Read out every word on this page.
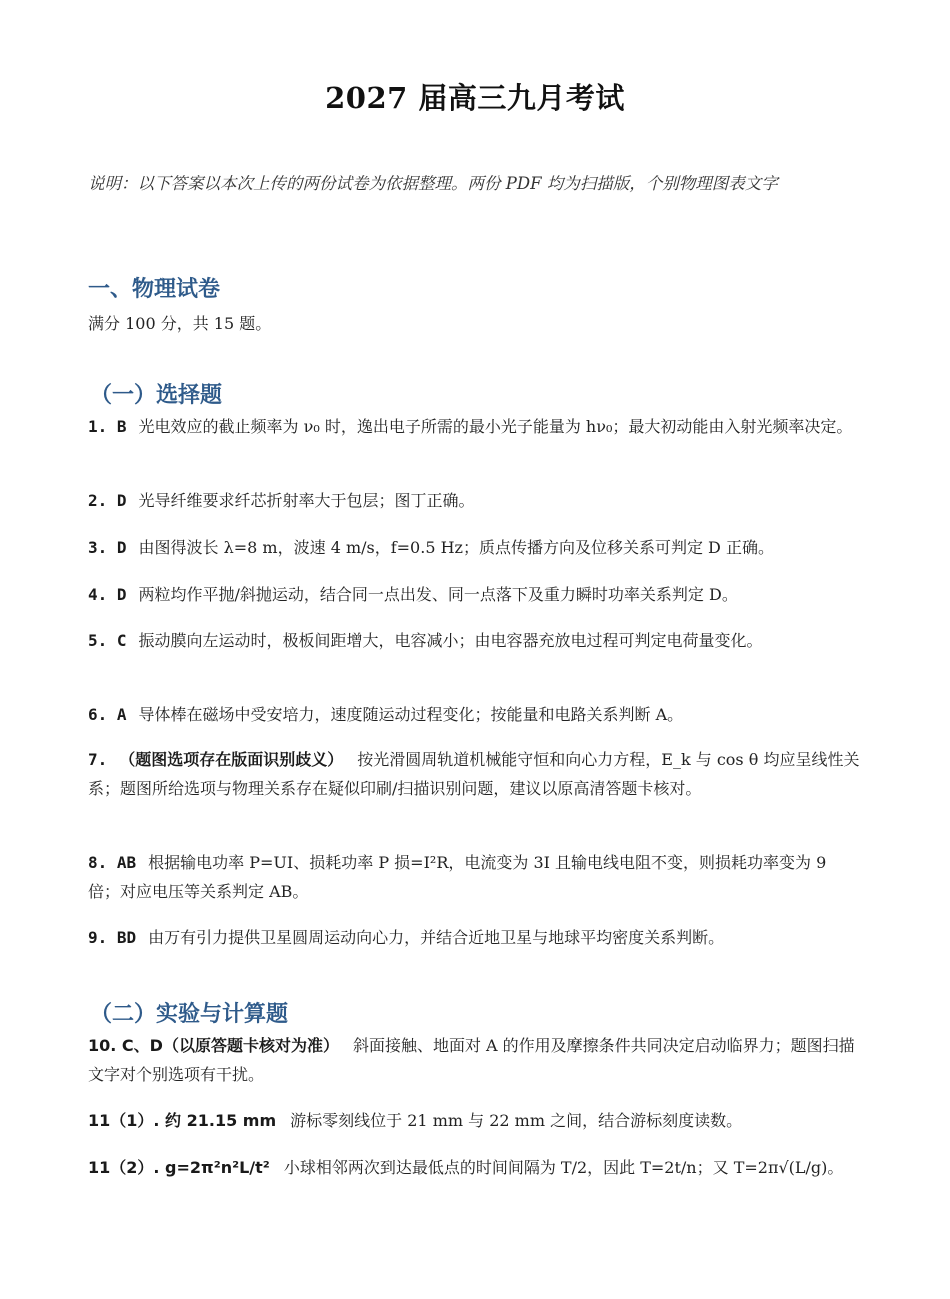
2027 届高三九月考试
说明：以下答案以本次上传的两份试卷为依据整理。两份 PDF 均为扫描版，个别物理图表文字
一、物理试卷
满分 100 分，共 15 题。
（一）选择题
1. B 光电效应的截止频率为 ν₀ 时，逸出电子所需的最小光子能量为 hν₀；最大初动能由入射光频率决定。
2. D 光导纤维要求纤芯折射率大于包层；图丁正确。
3. D 由图得波长 λ=8 m，波速 4 m/s，f=0.5 Hz；质点传播方向及位移关系可判定 D 正确。
4. D 两粒均作平抛/斜抛运动，结合同一点出发、同一点落下及重力瞬时功率关系判定 D。
5. C 振动膜向左运动时，极板间距增大，电容减小；由电容器充放电过程可判定电荷量变化。
6. A 导体棒在磁场中受安培力，速度随运动过程变化；按能量和电路关系判断 A。
7. （题图选项存在版面识别歧义） 按光滑圆周轨道机械能守恒和向心力方程，E_k 与 cos θ 均应呈线性关系；题图所给选项与物理关系存在疑似印刷/扫描识别问题，建议以原高清答题卡核对。
8. AB 根据输电功率 P=UI、损耗功率 P 损=I²R，电流变为 3I 且输电线电阻不变，则损耗功率变为 9 倍；对应电压等关系判定 AB。
9. BD 由万有引力提供卫星圆周运动向心力，并结合近地卫星与地球平均密度关系判断。
（二）实验与计算题
10. C、D（以原答题卡核对为准） 斜面接触、地面对 A 的作用及摩擦条件共同决定启动临界力；题图扫描文字对个别选项有干扰。
11（1）. 约 21.15 mm 游标零刻线位于 21 mm 与 22 mm 之间，结合游标刻度读数。
11（2）. g=2π²n²L/t² 小球相邻两次到达最低点的时间间隔为 T/2，因此 T=2t/n；又 T=2π√(L/g)。
